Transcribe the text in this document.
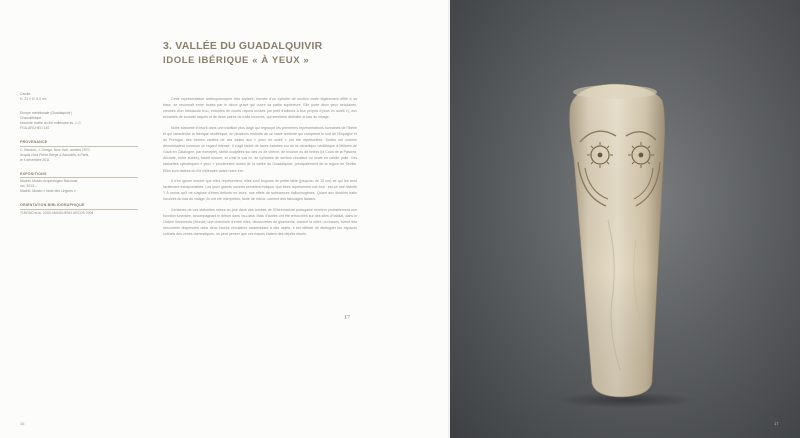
3. VALLÉE DU GUADALQUIVIR
IDOLE IBÉRIQUE « À YEUX »
Calcite
H. 21 × D. 5,9 cm
Europe méridionale (Guadalquivir)
Chalcolithique
seconde moitié du IIIe millénaire av. J.-C.
FGA-ARCHEO 140
PROVENANCE
C. Bendon, J. Ortega, New York, années 1970
Acquis chez Pierre Berge & Associés, à Paris,
le 4 décembre 2011
EXPOSITIONS
Madrid, Museo Arqueológico Nacional,
oct. 2013 –
Madrid, Museo « Idole des Lingues »
ORIENTATION BIBLIOGRAPHIQUE
TUNTAO et al. 2003; MANDUENO ARCOS 2004

Cette représentation anthropomorphe très stylisée, formée d'un cylindre de section ovale légèrement effilé à sa base, se reconnaît entre toutes par le décor gravé qui ouvre sa partie supérieure. Elle porte deux yeux circulaires, creusés d'un minuscule trou, entourés de courts rayons incisés (un petit d'ailleurs à leur propos d'yeux en soleil »), eux encadrés de sourcils arqués et de deux paires de traits incurvés, qui semblent délimiter le bas du visage.

Notre statuette s'inscrit dans une tradition plus large qui regroupe les premières représentations humaines de l'Ibérie et qui caractérise la Ibérique néolithique, en plusieurs endroits de ce vaste territoire qui comprend le sud de l'Espagne et du Portugal, des formes variées de ces Idoles aux « yeux en soleil » ont été répertoriées. Toutes ont comme dénominateur commun ce regard intense. Il s'agit tantôt de faces incisées sur de la céramique néolithique à Millarès de Gavà en Catalogne, par exemple), tantôt sculptées sur des os de chèvre, de mouton ou de brebis (la Cova de la Pastora, Alicante, entre autres), tantôt encore, et c'est le cas ici, de cylindres de section circulaire ou ovale en calcite polie. Ces statuettes cylindriques « yeux » proviennent toutes de la vallée du Guadalquivir, principalement de la région de Séville. Elles sont datées du IIIe millénaire avant notre ère.

Il n'en ignore encore que elles représentent; elles sont toujours de petite taille (jusqu'au de 15 cm) ce qui les rend facilement transportables. Les yeux grands ouverts semblent indiquer que êtres représentés voit tout : est-ce une divinité ? À moins qu'il ne s'agisse d'êtres défunts en leurs, nos effets de substances hallucinogènes. Quant aux doubles traits incurvés du bas du visage, ils ont été interprétés, faute de mieux, comme des tatouages faciaux.

Certaines de ces statuettes mises au jour dans des tombes de l'Extrémadure portugaise révèlent probablement une fonction funéraire, accompagnant le défunt dans l'au-delà. Mais d'autres ont été retrouvées sur des sites d'habitat, dans le Ordem Senimento (Murcie) une cheminée d'entre elles, découvertes de gisements, comme la nôtre, ou fosses, furent des rencontres dispersées dans deux fosses circulaires rassemblant à des objets, il est difficile de distinguer les espaces cultuels des zones domestiques, on peut penser que ces fosses étaient des dépôts rituels.

17
16	17
